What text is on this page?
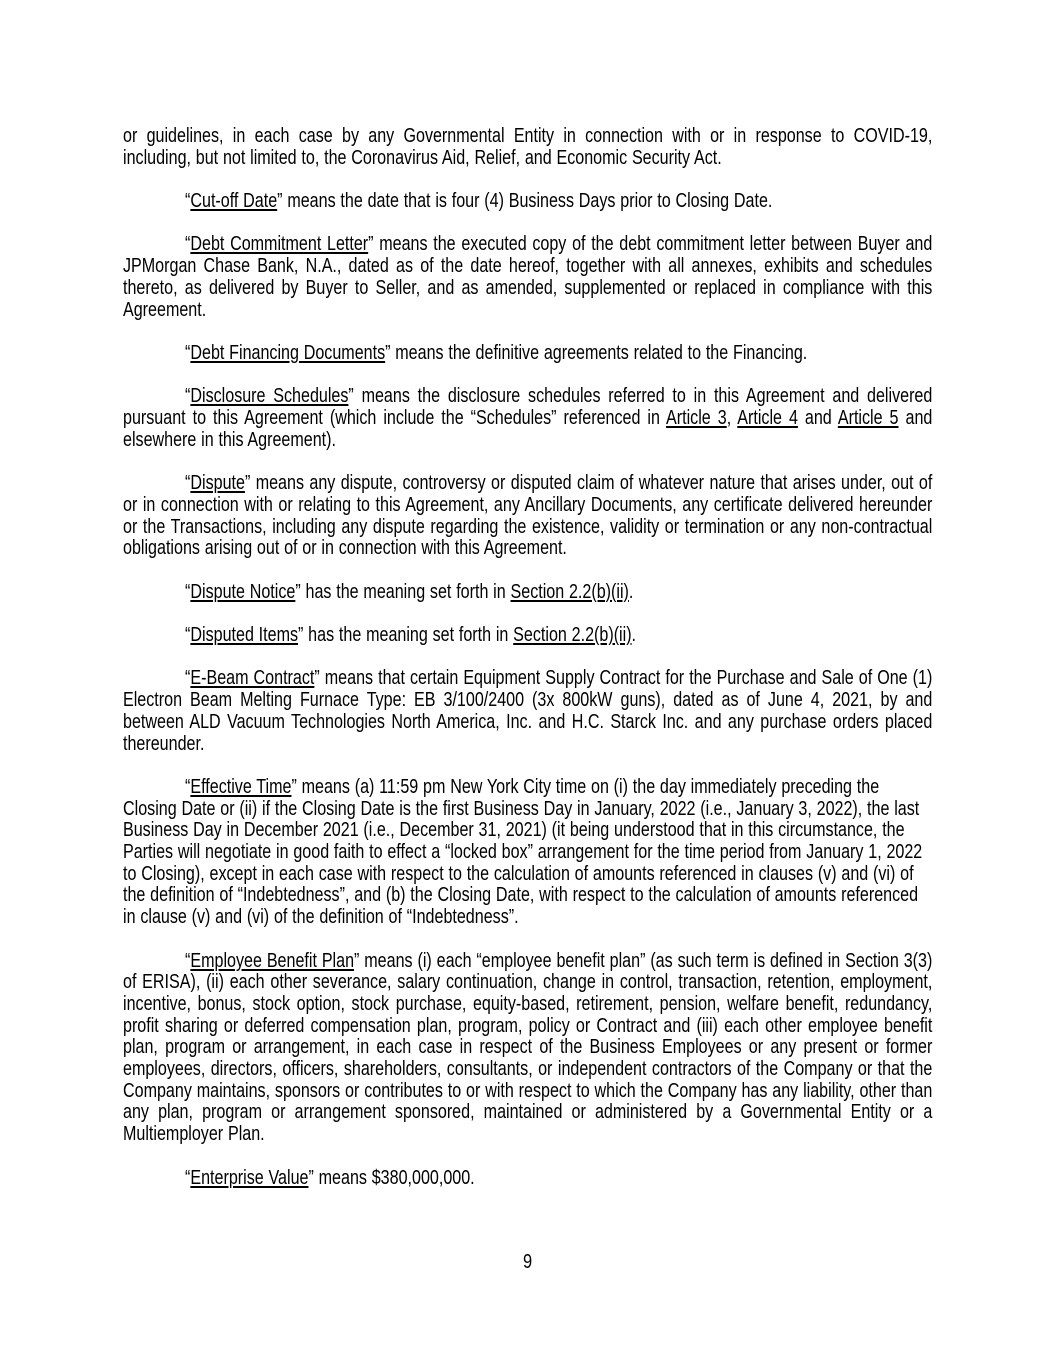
or guidelines, in each case by any Governmental Entity in connection with or in response to COVID-19, including, but not limited to, the Coronavirus Aid, Relief, and Economic Security Act.

“Cut-off Date” means the date that is four (4) Business Days prior to Closing Date.

“Debt Commitment Letter” means the executed copy of the debt commitment letter between Buyer and JPMorgan Chase Bank, N.A., dated as of the date hereof, together with all annexes, exhibits and schedules thereto, as delivered by Buyer to Seller, and as amended, supplemented or replaced in compliance with this Agreement.

“Debt Financing Documents” means the definitive agreements related to the Financing.

“Disclosure Schedules” means the disclosure schedules referred to in this Agreement and delivered pursuant to this Agreement (which include the “Schedules” referenced in Article 3, Article 4 and Article 5 and elsewhere in this Agreement).

“Dispute” means any dispute, controversy or disputed claim of whatever nature that arises under, out of or in connection with or relating to this Agreement, any Ancillary Documents, any certificate delivered hereunder or the Transactions, including any dispute regarding the existence, validity or termination or any non-contractual obligations arising out of or in connection with this Agreement.

“Dispute Notice” has the meaning set forth in Section 2.2(b)(ii).

“Disputed Items” has the meaning set forth in Section 2.2(b)(ii).

“E-Beam Contract” means that certain Equipment Supply Contract for the Purchase and Sale of One (1) Electron Beam Melting Furnace Type: EB 3/100/2400 (3x 800kW guns), dated as of June 4, 2021, by and between ALD Vacuum Technologies North America, Inc. and H.C. Starck Inc. and any purchase orders placed thereunder.

“Effective Time” means (a) 11:59 pm New York City time on (i) the day immediately preceding the Closing Date or (ii) if the Closing Date is the first Business Day in January, 2022 (i.e., January 3, 2022), the last Business Day in December 2021 (i.e., December 31, 2021) (it being understood that in this circumstance, the Parties will negotiate in good faith to effect a “locked box” arrangement for the time period from January 1, 2022 to Closing), except in each case with respect to the calculation of amounts referenced in clauses (v) and (vi) of the definition of “Indebtedness”, and (b) the Closing Date, with respect to the calculation of amounts referenced in clause (v) and (vi) of the definition of “Indebtedness”.

“Employee Benefit Plan” means (i) each “employee benefit plan” (as such term is defined in Section 3(3) of ERISA), (ii) each other severance, salary continuation, change in control, transaction, retention, employment, incentive, bonus, stock option, stock purchase, equity-based, retirement, pension, welfare benefit, redundancy, profit sharing or deferred compensation plan, program, policy or Contract and (iii) each other employee benefit plan, program or arrangement, in each case in respect of the Business Employees or any present or former employees, directors, officers, shareholders, consultants, or independent contractors of the Company or that the Company maintains, sponsors or contributes to or with respect to which the Company has any liability, other than any plan, program or arrangement sponsored, maintained or administered by a Governmental Entity or a Multiemployer Plan.

“Enterprise Value” means $380,000,000.

9
